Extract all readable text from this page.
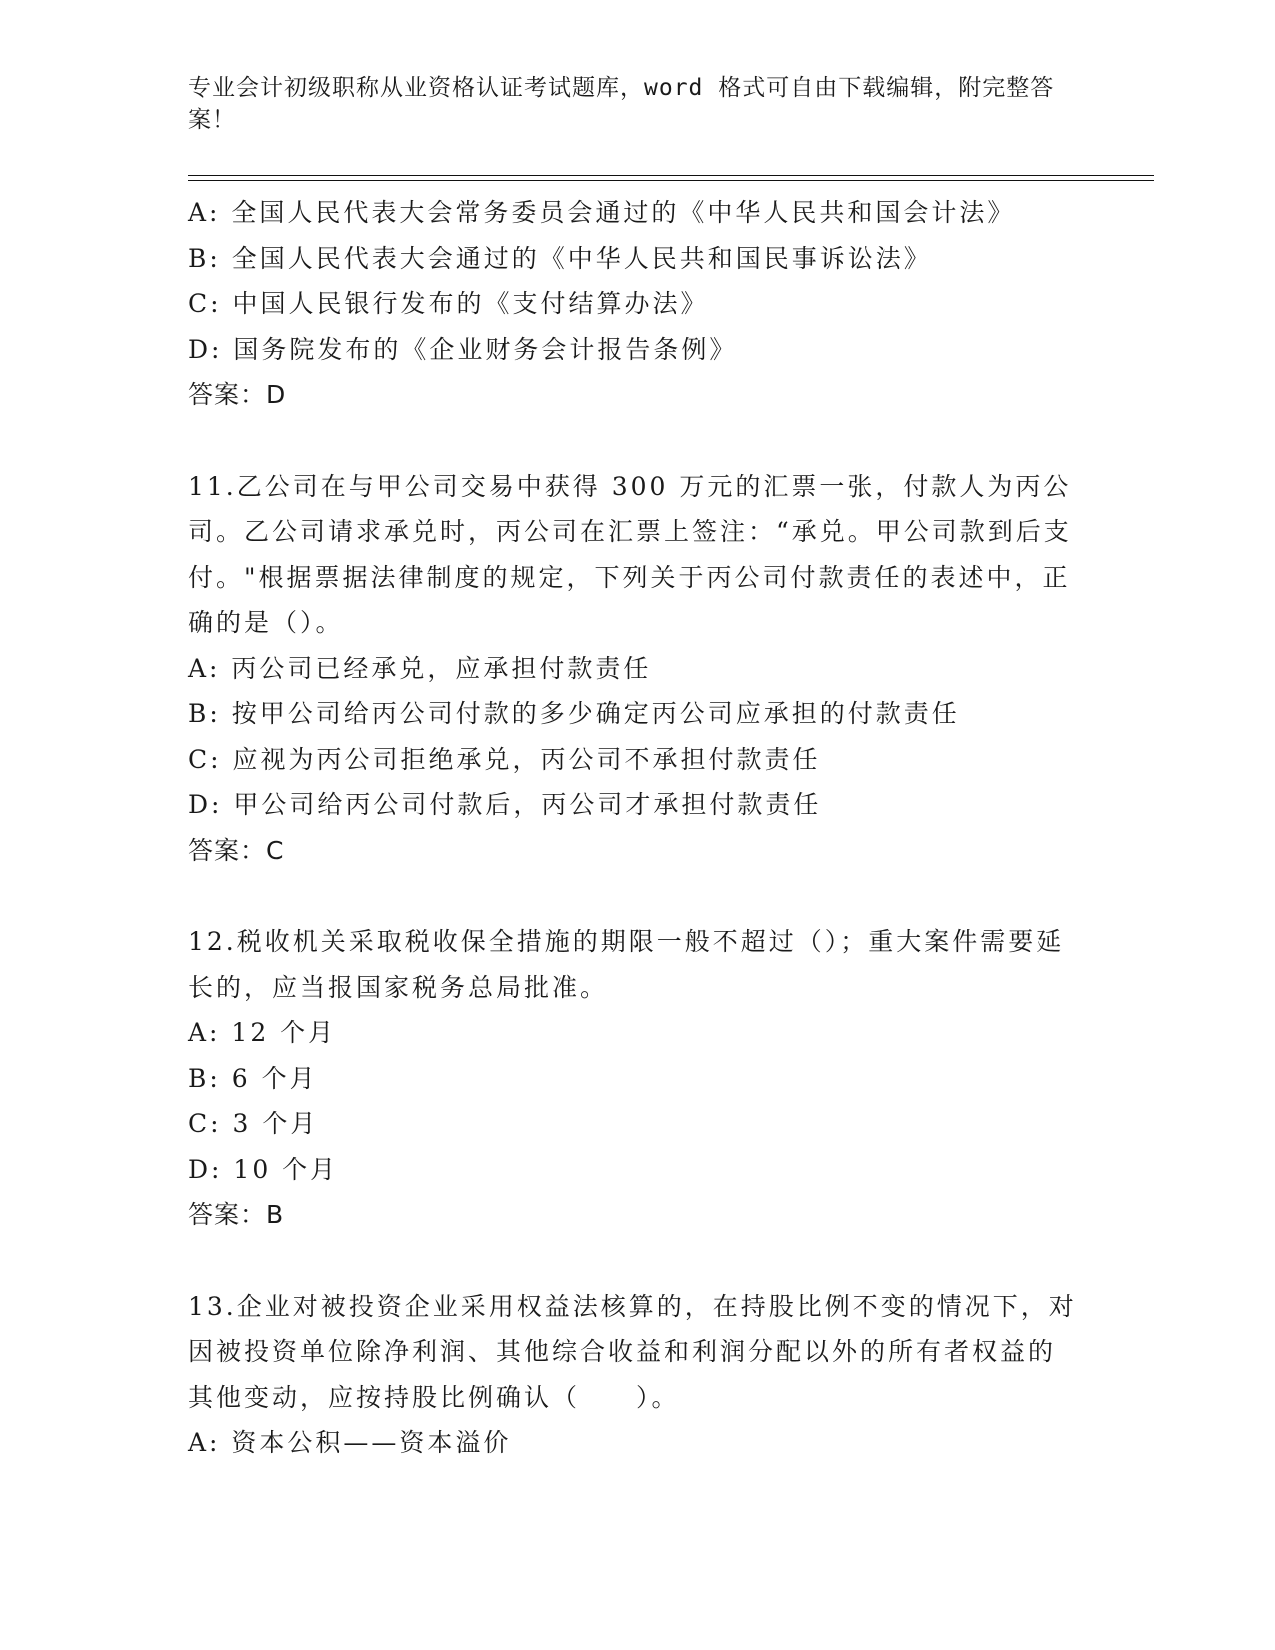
专业会计初级职称从业资格认证考试题库，word 格式可自由下载编辑，附完整答案！

A: 全国人民代表大会常务委员会通过的《中华人民共和国会计法》

B: 全国人民代表大会通过的《中华人民共和国民事诉讼法》

C: 中国人民银行发布的《支付结算办法》

D: 国务院发布的《企业财务会计报告条例》

答案：D

11.乙公司在与甲公司交易中获得 300 万元的汇票一张，付款人为丙公司。乙公司请求承兑时，丙公司在汇票上签注：“承兑。甲公司款到后支付。"根据票据法律制度的规定，下列关于丙公司付款责任的表述中，正确的是（）。

A: 丙公司已经承兑，应承担付款责任

B: 按甲公司给丙公司付款的多少确定丙公司应承担的付款责任

C: 应视为丙公司拒绝承兑，丙公司不承担付款责任

D: 甲公司给丙公司付款后，丙公司才承担付款责任

答案：C

12.税收机关采取税收保全措施的期限一般不超过（）；重大案件需要延长的，应当报国家税务总局批准。

A: 12 个月

B: 6 个月

C: 3 个月

D: 10 个月

答案：B

13.企业对被投资企业采用权益法核算的，在持股比例不变的情况下，对因被投资单位除净利润、其他综合收益和利润分配以外的所有者权益的其他变动，应按持股比例确认（　　）。

A: 资本公积——资本溢价
